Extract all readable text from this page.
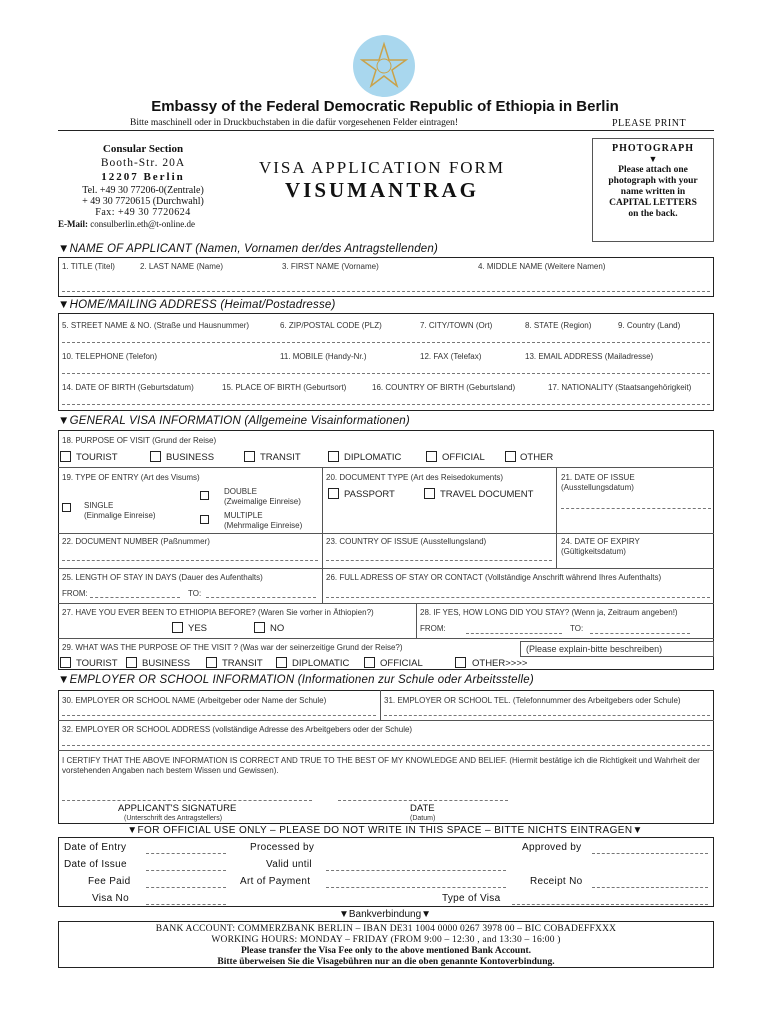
Embassy of the Federal Democratic Republic of Ethiopia in Berlin
Bitte maschinell oder in Druckbuchstaben in die dafür vorgesehenen Felder eintragen!	PLEASE PRINT
Consular Section
Booth-Str. 20A
12207 Berlin
Tel. +49 30 77206-0(Zentrale)
+ 49 30 7720615 (Durchwahl)
Fax: +49 30 7720624
E-Mail: consulberlin.eth@t-online.de
VISA APPLICATION FORM
VISUMANTRAG
PHOTOGRAPH
▼
Please attach one
photograph with your
name written in
CAPITAL LETTERS
on the back.
▼NAME OF APPLICANT (Namen, Vornamen der/des Antragstellenden)
1. TITLE (Titel)	2. LAST NAME (Name)	3. FIRST NAME (Vorname)	4. MIDDLE NAME (Weitere Namen)
▼HOME/MAILING ADDRESS (Heimat/Postadresse)
5. STREET NAME & NO. (Straße und Hausnummer)	6. ZIP/POSTAL CODE (PLZ)	7. CITY/TOWN (Ort)	8. STATE (Region)	9. Country (Land)
10. TELEPHONE (Telefon)	11. MOBILE (Handy-Nr.)	12. FAX (Telefax)	13. EMAIL ADDRESS (Mailadresse)
14. DATE OF BIRTH (Geburtsdatum)	15. PLACE OF BIRTH (Geburtsort)	16. COUNTRY OF BIRTH (Geburtsland)	17. NATIONALITY (Staatsangehörigkeit)
▼GENERAL VISA INFORMATION (Allgemeine Visainformationen)
18. PURPOSE OF VISIT (Grund der Reise)
TOURIST	BUSINESS	TRANSIT	DIPLOMATIC	OFFICIAL	OTHER
19. TYPE OF ENTRY (Art des Visums)
SINGLE
(Einmalige Einreise)
DOUBLE
(Zweimalige Einreise)
MULTIPLE
(Mehrmalige Einreise)
20. DOCUMENT TYPE (Art des Reisedokuments)
PASSPORT	TRAVEL DOCUMENT
21. DATE OF ISSUE
(Ausstellungsdatum)
22. DOCUMENT NUMBER (Paßnummer)	23. COUNTRY OF ISSUE (Ausstellungsland)	24. DATE OF EXPIRY
(Gültigkeitsdatum)
25. LENGTH OF STAY IN DAYS (Dauer des Aufenthalts)	26. FULL ADRESS OF STAY OR CONTACT (Vollständige Anschrift während Ihres Aufenthalts)
FROM:	TO:
27. HAVE YOU EVER BEEN TO ETHIOPIA BEFORE? (Waren Sie vorher in Äthiopien?)
YES	NO
28. IF YES, HOW LONG DID YOU STAY? (Wenn ja, Zeitraum angeben!)
FROM:	TO:
29. WHAT WAS THE PURPOSE OF THE VISIT ? (Was war der seinerzeitige Grund der Reise?)	(Please explain-bitte beschreiben)
TOURIST	BUSINESS	TRANSIT	DIPLOMATIC	OFFICIAL	OTHER>>>>
▼EMPLOYER OR SCHOOL INFORMATION (Informationen zur Schule oder Arbeitsstelle)
30. EMPLOYER OR SCHOOL NAME (Arbeitgeber oder Name der Schule)	31. EMPLOYER OR SCHOOL TEL. (Telefonnummer des Arbeitgebers oder Schule)
32. EMPLOYER OR SCHOOL ADDRESS (vollständige Adresse des Arbeitgebers oder der Schule)
I CERTIFY THAT THE ABOVE INFORMATION IS CORRECT AND TRUE TO THE BEST OF MY KNOWLEDGE AND BELIEF. (Hiermit bestätige ich die Richtigkeit und Wahrheit der vorstehenden Angaben nach bestem Wissen und Gewissen).
APPLICANT'S SIGNATURE
(Unterschrift des Antragstellers)
DATE
(Datum)
▼FOR OFFICIAL USE ONLY – PLEASE DO NOT WRITE IN THIS SPACE – BITTE NICHTS EINTRAGEN▼
Date of Entry	Processed by	Approved by
Date of Issue	Valid until
Fee Paid	Art of Payment	Receipt No
Visa No	Type of Visa
▼Bankverbindung▼
BANK ACCOUNT: COMMERZBANK BERLIN – IBAN DE31 1004 0000 0267 3978 00 – BIC COBADEFFXXX
WORKING HOURS: MONDAY – FRIDAY (FROM 9:00 – 12:30 , and 13:30 – 16:00 )
Please transfer the Visa Fee only to the above mentioned Bank Account.
Bitte überweisen Sie die Visagebühren nur an die oben genannte Kontoverbindung.
